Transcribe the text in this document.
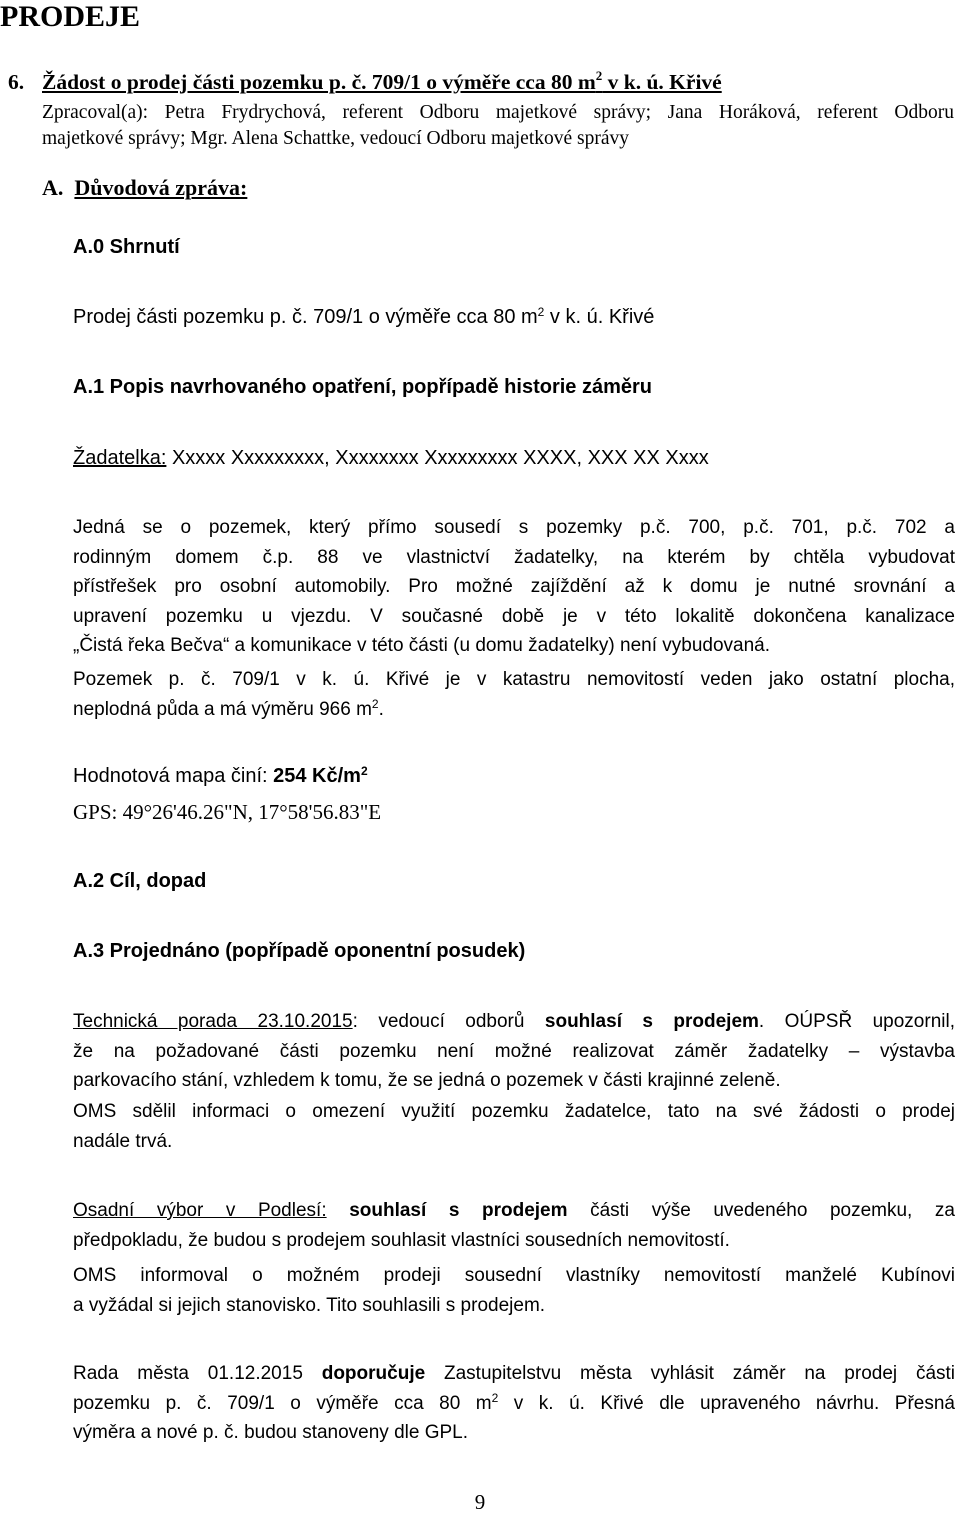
PRODEJE
6. Žádost o prodej části pozemku p. č. 709/1 o výměře cca 80 $m^2$ v k. ú. Křivé
Zpracoval(a): Petra Frydrychová, referent Odboru majetkové správy; Jana Horáková, referent Odboru
majetkové správy; Mgr. Alena Schattke, vedoucí Odboru majetkové správy
A. Důvodová zpráva:
A.0 Shrnutí
Prodej části pozemku p. č. 709/1 o výměře cca 80 $m^2$ v k. ú. Křivé
A.1 Popis navrhovaného opatření, popřípadě historie záměru
Žadatelka: Xxxxx Xxxxxxxxx, Xxxxxxxx Xxxxxxxxx XXXX, XXX XX Xxxx
Jedná se o pozemek, který přímo sousedí s pozemky p.č. 700, p.č. 701, p.č. 702 a
rodinným domem č.p. 88 ve vlastnictví žadatelky, na kterém by chtěla vybudovat
přístřešek pro osobní automobily. Pro možné zajíždění až k domu je nutné srovnání a
upravení pozemku u vjezdu. V současné době je v této lokalitě dokončena kanalizace
„Čistá řeka Bečva“ a komunikace v této části (u domu žadatelky) není vybudovaná.
Pozemek p. č. 709/1 v k. ú. Křivé je v katastru nemovitostí veden jako ostatní plocha,
neplodná půda a má výměru 966 $m^2$.
Hodnotová mapa činí: 254 $Kč/m^2$
GPS: 49°26'46.26"N, 17°58'56.83"E
A.2 Cíl, dopad
A.3 Projednáno (popřípadě oponentní posudek)
Technická porada 23.10.2015: vedoucí odborů souhlasí s prodejem. OÚPSŘ upozornil,
že na požadované části pozemku není možné realizovat záměr žadatelky – výstavba
parkovacího stání, vzhledem k tomu, že se jedná o pozemek v části krajinné zeleně.
OMS sdělil informaci o omezení využití pozemku žadatelce, tato na své žádosti o prodej
nadále trvá.
Osadní výbor v Podlesí: souhlasí s prodejem části výše uvedeného pozemku, za
předpokladu, že budou s prodejem souhlasit vlastníci sousedních nemovitostí.
OMS informoval o možném prodeji sousední vlastníky nemovitostí manželé Kubínovi
a vyžádal si jejich stanovisko. Tito souhlasili s prodejem.
Rada města 01.12.2015 doporučuje Zastupitelstvu města vyhlásit záměr na prodej části
pozemku p. č. 709/1 o výměře cca 80 $m^2$ v k. ú. Křivé dle upraveného návrhu. Přesná
výměra a nové p. č. budou stanoveny dle GPL.
9
